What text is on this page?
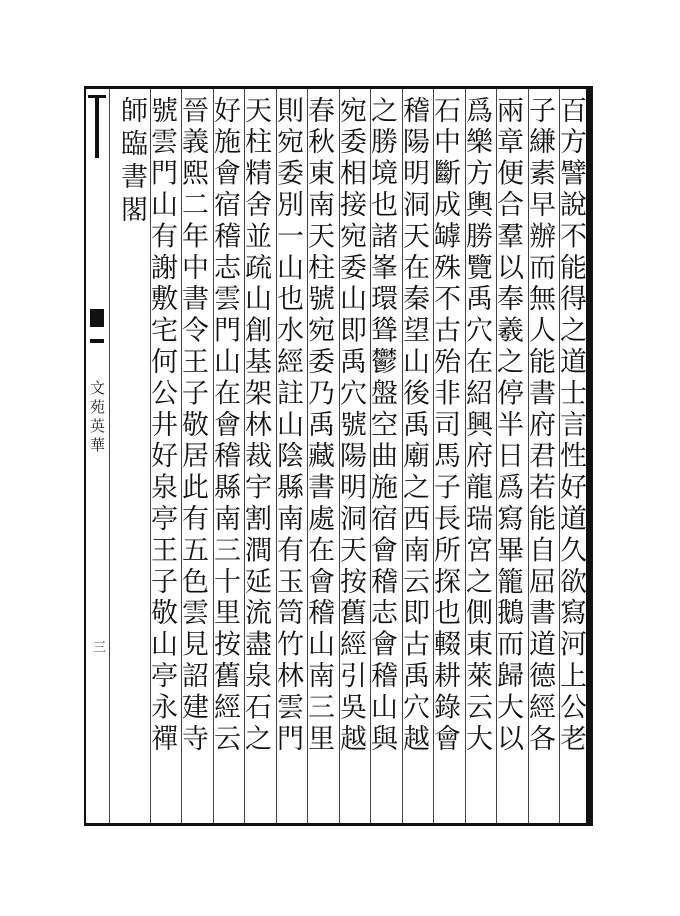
文苑英華
三	百方譬說不能得之道士言性好道久欲寫河上公老
子縑素早辦而無人能書府君若能自屈書道德經各
兩章便合羣以奉羲之停半日爲寫畢籠鵝而歸大以
爲樂方輿勝覽禹穴在紹興府龍瑞宮之側東萊云大
石中斷成罅殊不古殆非司馬子長所探也輟耕錄會
稽陽明洞天在秦望山後禹廟之西南云即古禹穴越
之勝境也諸峯環聳鬱盤空曲施宿會稽志會稽山與
宛委相接宛委山即禹穴號陽明洞天按舊經引吳越
春秋東南天柱號宛委乃禹藏書處在會稽山南三里
則宛委別一山也水經註山陰縣南有玉笥竹林雲門
天柱精舍並疏山創基架林裁宇割澗延流盡泉石之
好施會宿稽志雲門山在會稽縣南三十里按舊經云
晉義熙二年中書令王子敬居此有五色雲見詔建寺
號雲門山有謝敷宅何公井好泉亭王子敬山亭永禪
師臨書閣
